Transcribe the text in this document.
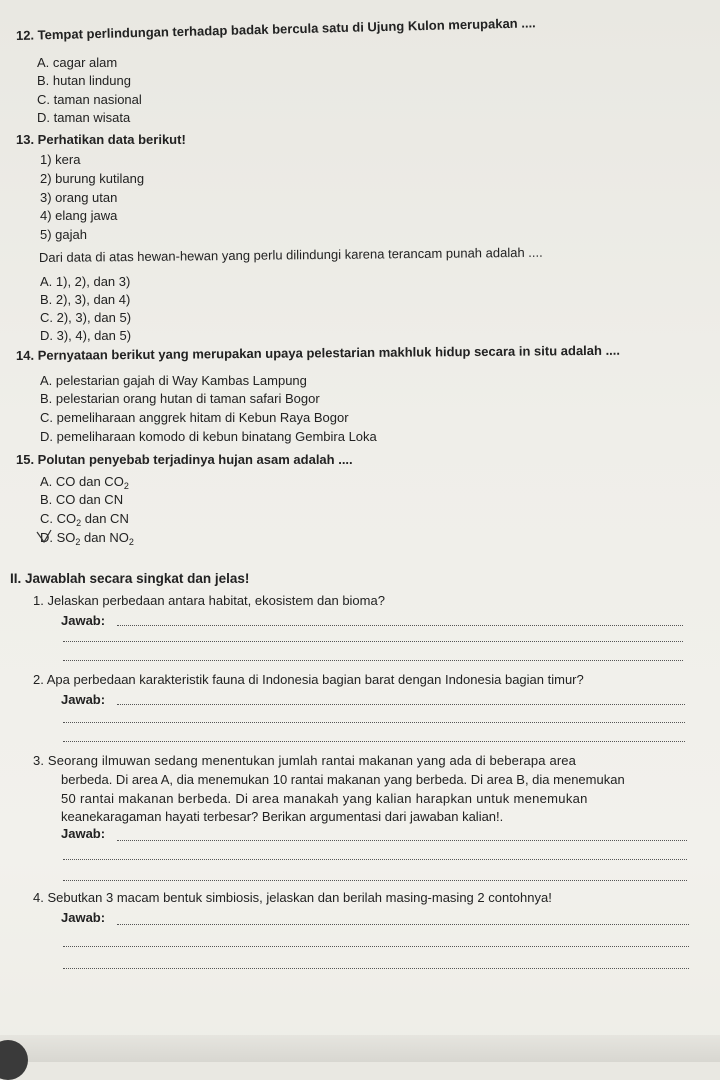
12. Tempat perlindungan terhadap badak bercula satu di Ujung Kulon merupakan ....
A. cagar alam
B. hutan lindung
C. taman nasional
D. taman wisata
13. Perhatikan data berikut!
1) kera
2) burung kutilang
3) orang utan
4) elang jawa
5) gajah
Dari data di atas hewan-hewan yang perlu dilindungi karena terancam punah adalah ....
A. 1), 2), dan 3)
B. 2), 3), dan 4)
C. 2), 3), dan 5)
D. 3), 4), dan 5)
14. Pernyataan berikut yang merupakan upaya pelestarian makhluk hidup secara in situ adalah ....
A. pelestarian gajah di Way Kambas Lampung
B. pelestarian orang hutan di taman safari Bogor
C. pemeliharaan anggrek hitam di Kebun Raya Bogor
D. pemeliharaan komodo di kebun binatang Gembira Loka
15. Polutan penyebab terjadinya hujan asam adalah ....
A. CO dan $CO_2$
B. CO dan CN
C. $CO_2$ dan CN
D. $SO_2$ dan $NO_2$
II. Jawablah secara singkat dan jelas!
1. Jelaskan perbedaan antara habitat, ekosistem dan bioma?
Jawab:
2. Apa perbedaan karakteristik fauna di Indonesia bagian barat dengan Indonesia bagian timur?
Jawab:
3. Seorang ilmuwan sedang menentukan jumlah rantai makanan yang ada di beberapa area
berbeda. Di area A, dia menemukan 10 rantai makanan yang berbeda. Di area B, dia menemukan
50 rantai makanan berbeda. Di area manakah yang kalian harapkan untuk menemukan
keanekaragaman hayati terbesar? Berikan argumentasi dari jawaban kalian!.
Jawab:
4. Sebutkan 3 macam bentuk simbiosis, jelaskan dan berilah masing-masing 2 contohnya!
Jawab:
